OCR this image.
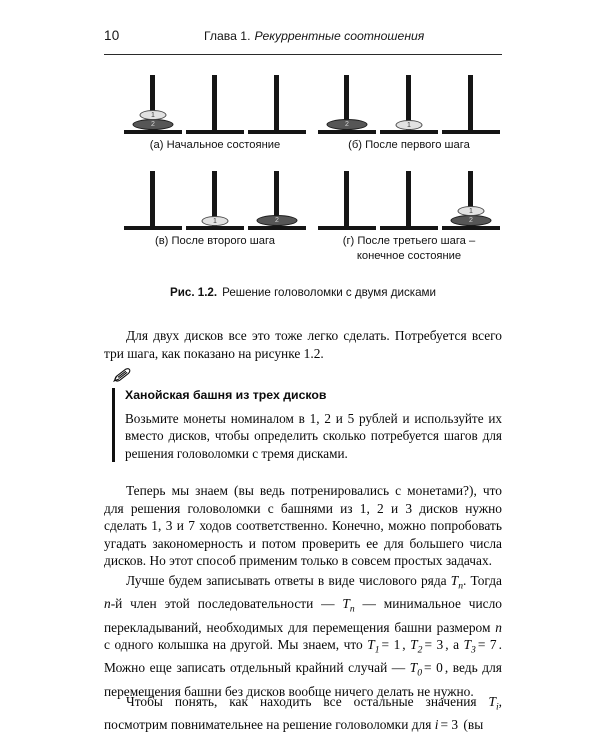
10	Глава 1. Рекуррентные соотношения
2
1
(а) Начальное состояние
2	1
(б) После первого шага
1	2
(в) После второго шага
2
1
(г) После третьего шага –
конечное состояние
Рис. 1.2. Решение головоломки с двумя дисками

Для двух дисков все это тоже легко сделать. Потребуется всего три шага, как показано на рисунке 1.2.

Ханойская башня из трех дисков
Возьмите монеты номиналом в 1, 2 и 5 рублей и используйте их вместо дисков, чтобы определить сколько потребуется шагов для решения головоломки с тремя дисками.

Теперь мы знаем (вы ведь потренировались с монетами?), что для решения головоломки с башнями из 1, 2 и 3 дисков нужно сделать 1, 3 и 7 ходов соответственно. Конечно, можно попробовать угадать закономерность и потом проверить ее для большего числа дисков. Но этот способ применим только в совсем простых задачах.

Лучше будем записывать ответы в виде числового ряда $T_n$. Тогда n-й член этой последовательности — $T_n$ — минимальное число перекладываний, необходимых для перемещения башни размером n с одного колышка на другой. Мы знаем, что $T_1 = 1$ , $T_2 = 3$ , а $T_3 = 7$ . Можно еще записать отдельный крайний случай — $T_0 = 0$ , ведь для перемещения башни без дисков вообще ничего делать не нужно.

Чтобы понять, как находить все остальные значения $T_i$, посмотрим повнимательнее на решение головоломки для i = 3 (вы
